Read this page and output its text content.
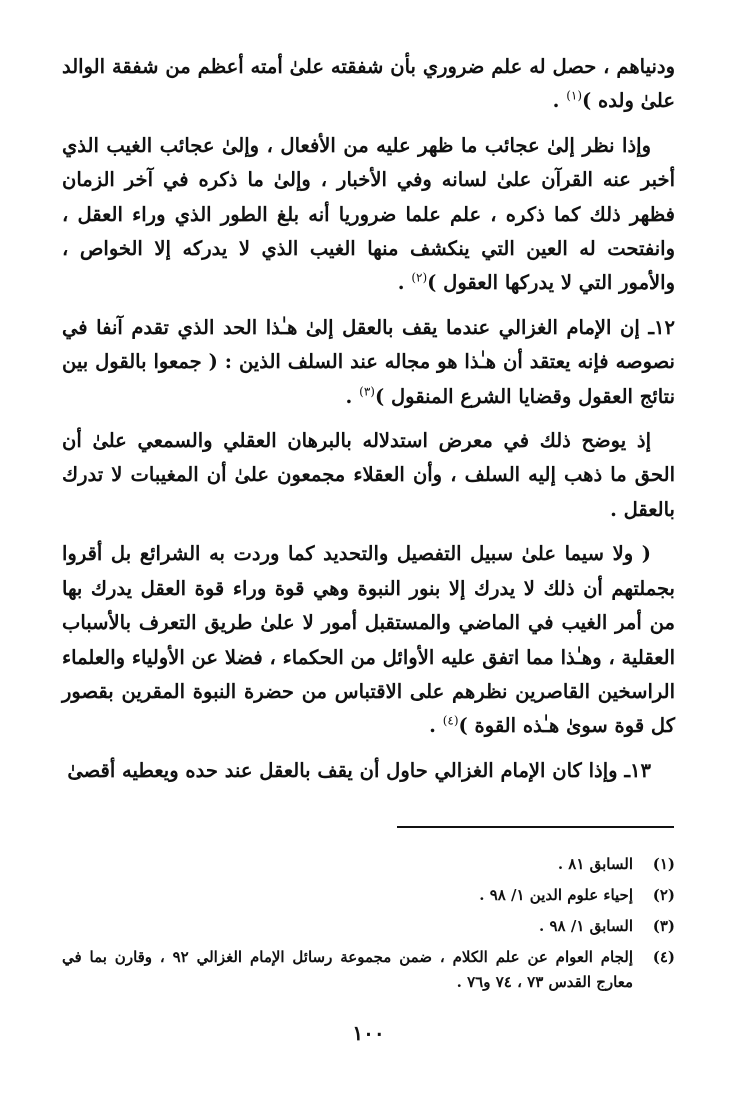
ودنياهم ، حصل له علم ضروري بأن شفقته علىٰ أمته أعظم من شفقة الوالد علىٰ ولده )$^{(١)}$ .

وإذا نظر إلىٰ عجائب ما ظهر عليه من الأفعال ، وإلىٰ عجائب الغيب الذي أخبر عنه القرآن علىٰ لسانه وفي الأخبار ، وإلىٰ ما ذكره في آخر الزمان فظهر ذلك كما ذكره ، علم علما ضروريا أنه بلغ الطور الذي وراء العقل ، وانفتحت له العين التي ينكشف منها الغيب الذي لا يدركه إلا الخواص ، والأمور التي لا يدركها العقول )$^{(٢)}$ .

١٢ـ إن الإمام الغزالي عندما يقف بالعقل إلىٰ هـٰذا الحد الذي تقدم آنفا في نصوصه فإنه يعتقد أن هـٰذا هو مجاله عند السلف الذين : ( جمعوا بالقول بين نتائج العقول وقضايا الشرع المنقول )$^{(٣)}$ .

إذ يوضح ذلك في معرض استدلاله بالبرهان العقلي والسمعي علىٰ أن الحق ما ذهب إليه السلف ، وأن العقلاء مجمعون علىٰ أن المغيبات لا تدرك بالعقل .

( ولا سيما علىٰ سبيل التفصيل والتحديد كما وردت به الشرائع بل أقروا بجملتهم أن ذلك لا يدرك إلا بنور النبوة وهي قوة وراء قوة العقل يدرك بها من أمر الغيب في الماضي والمستقبل أمور لا علىٰ طريق التعرف بالأسباب العقلية ، وهـٰذا مما اتفق عليه الأوائل من الحكماء ، فضلا عن الأولياء والعلماء الراسخين القاصرين نظرهم على الاقتباس من حضرة النبوة المقرين بقصور كل قوة سوىٰ هـٰذه القوة )$^{(٤)}$ .

١٣ـ وإذا كان الإمام الغزالي حاول أن يقف بالعقل عند حده ويعطيه أقصىٰ

(١)
السابق ٨١ .
(٢)
إحياء علوم الدين ١/ ٩٨ .
(٣)
السابق ١/ ٩٨ .
(٤)
إلجام العوام عن علم الكلام ، ضمن مجموعة رسائل الإمام الغزالي ٩٢ ، وقارن بما في معارج القدس ٧٣ ، ٧٤ و٧٦ .
١٠٠
